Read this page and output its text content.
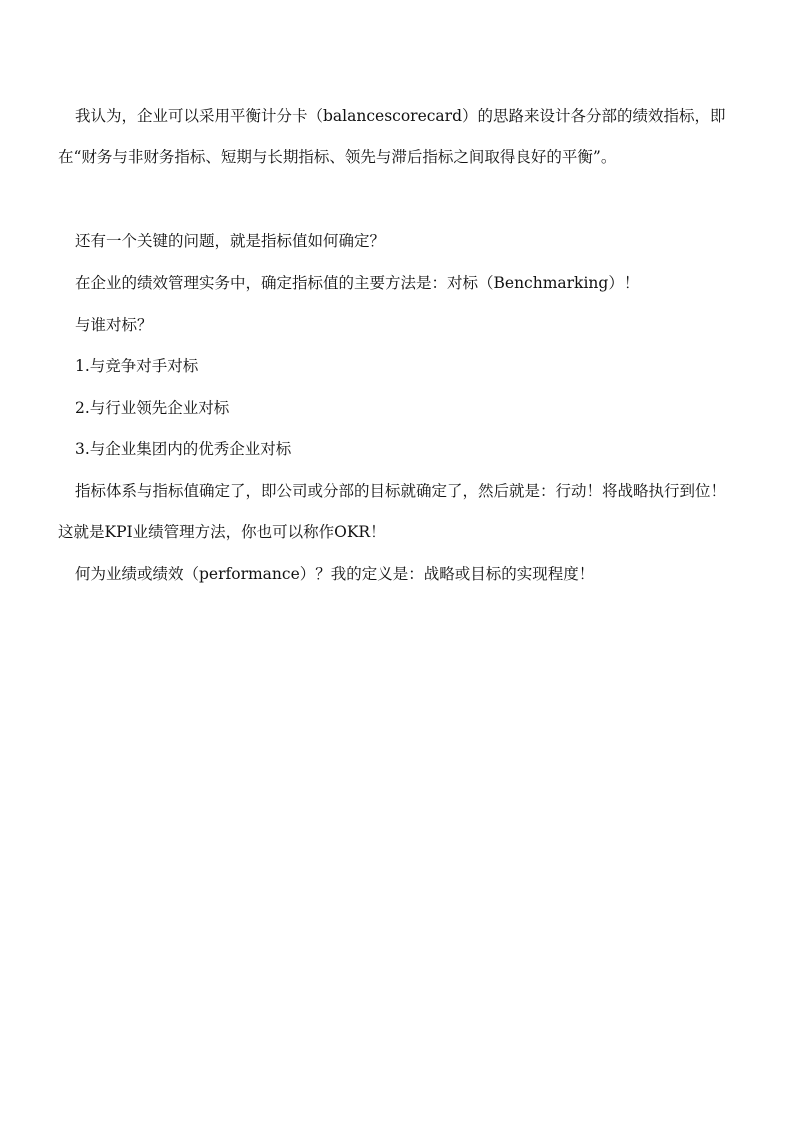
我认为，企业可以采用平衡计分卡（balancescorecard）的思路来设计各分部的绩效指标，即在“财务与非财务指标、短期与长期指标、领先与滞后指标之间取得良好的平衡”。

还有一个关键的问题，就是指标值如何确定？

在企业的绩效管理实务中，确定指标值的主要方法是：对标（Benchmarking）！

与谁对标？

1.与竞争对手对标

2.与行业领先企业对标

3.与企业集团内的优秀企业对标

指标体系与指标值确定了，即公司或分部的目标就确定了，然后就是：行动！将战略执行到位！这就是KPI业绩管理方法，你也可以称作OKR！

何为业绩或绩效（performance）？我的定义是：战略或目标的实现程度！
